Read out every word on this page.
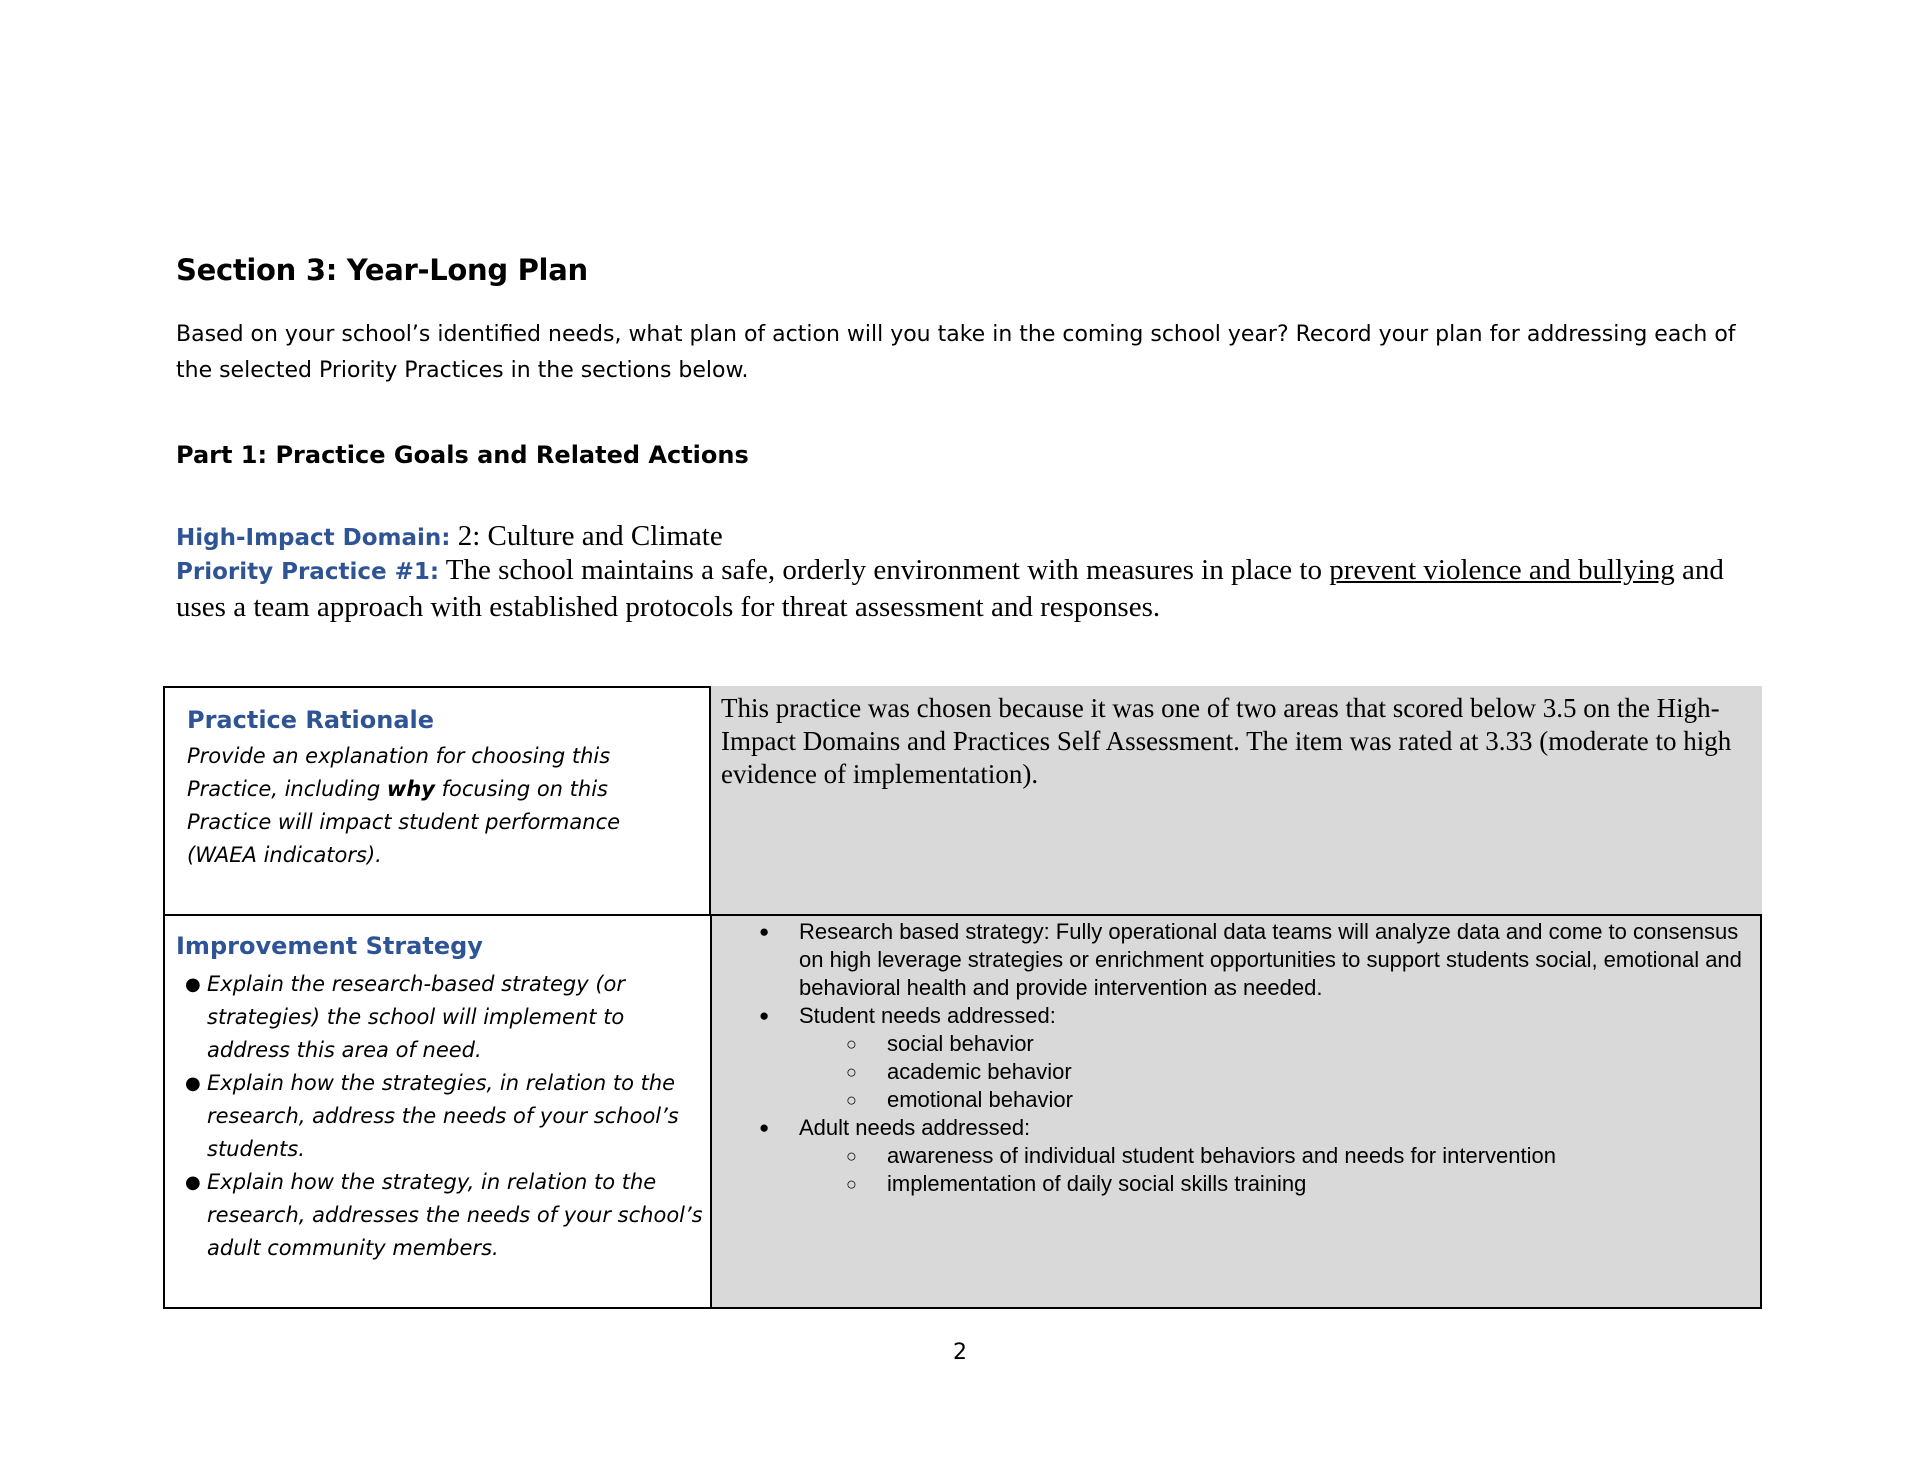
Section 3: Year-Long Plan
Based on your school’s identified needs, what plan of action will you take in the coming school year? Record your plan for addressing each of the selected Priority Practices in the sections below.
Part 1: Practice Goals and Related Actions
High-Impact Domain: 2: Culture and Climate
Priority Practice #1: The school maintains a safe, orderly environment with measures in place to prevent violence and bullying and uses a team approach with established protocols for threat assessment and responses.
Practice Rationale
Provide an explanation for choosing this Practice, including why focusing on this Practice will impact student performance (WAEA indicators).
This practice was chosen because it was one of two areas that scored below 3.5 on the High-Impact Domains and Practices Self Assessment. The item was rated at 3.33 (moderate to high evidence of implementation).
Improvement Strategy
● Explain the research-based strategy (or strategies) the school will implement to address this area of need.
● Explain how the strategies, in relation to the research, address the needs of your school’s students.
● Explain how the strategy, in relation to the research, addresses the needs of your school’s adult community members.
● Research based strategy: Fully operational data teams will analyze data and come to consensus on high leverage strategies or enrichment opportunities to support students social, emotional and behavioral health and provide intervention as needed.
● Student needs addressed:
○ social behavior
○ academic behavior
○ emotional behavior
● Adult needs addressed:
○ awareness of individual student behaviors and needs for intervention
○ implementation of daily social skills training
2
